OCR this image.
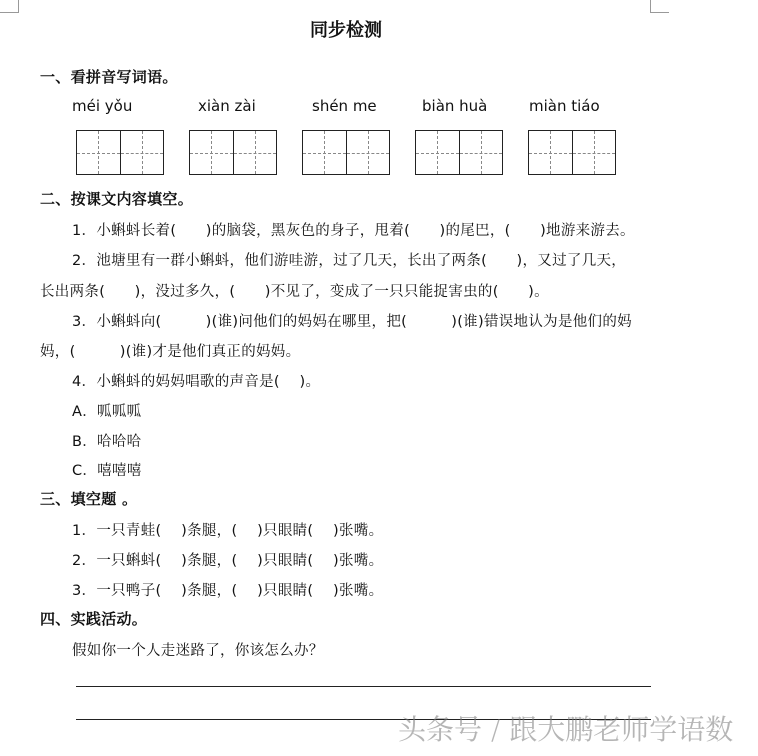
同步检测
一、看拼音写词语。
méi yǒu	xiàn zài	shén me	biàn huà	miàn tiáo
二、按课文内容填空。
1．小蝌蚪长着(      )的脑袋，黑灰色的身子，甩着(      )的尾巴，(      )地游来游去。
2．池塘里有一群小蝌蚪，他们游哇游，过了几天，长出了两条(      )，又过了几天，
长出两条(      )，没过多久，(      )不见了，变成了一只只能捉害虫的(      )。
3．小蝌蚪向(         )(谁)问他们的妈妈在哪里，把(         )(谁)错误地认为是他们的妈
妈，(         )(谁)才是他们真正的妈妈。
4．小蝌蚪的妈妈唱歌的声音是(    )。
A．呱呱呱
B．哈哈哈
C．嘻嘻嘻
三、填空题 。
1．一只青蛙(    )条腿，(    )只眼睛(    )张嘴。
2．一只蝌蚪(    )条腿，(    )只眼睛(    )张嘴。
3．一只鸭子(    )条腿，(    )只眼睛(    )张嘴。
四、实践活动。
假如你一个人走迷路了，你该怎么办？
头条号 / 跟大鹏老师学语数
